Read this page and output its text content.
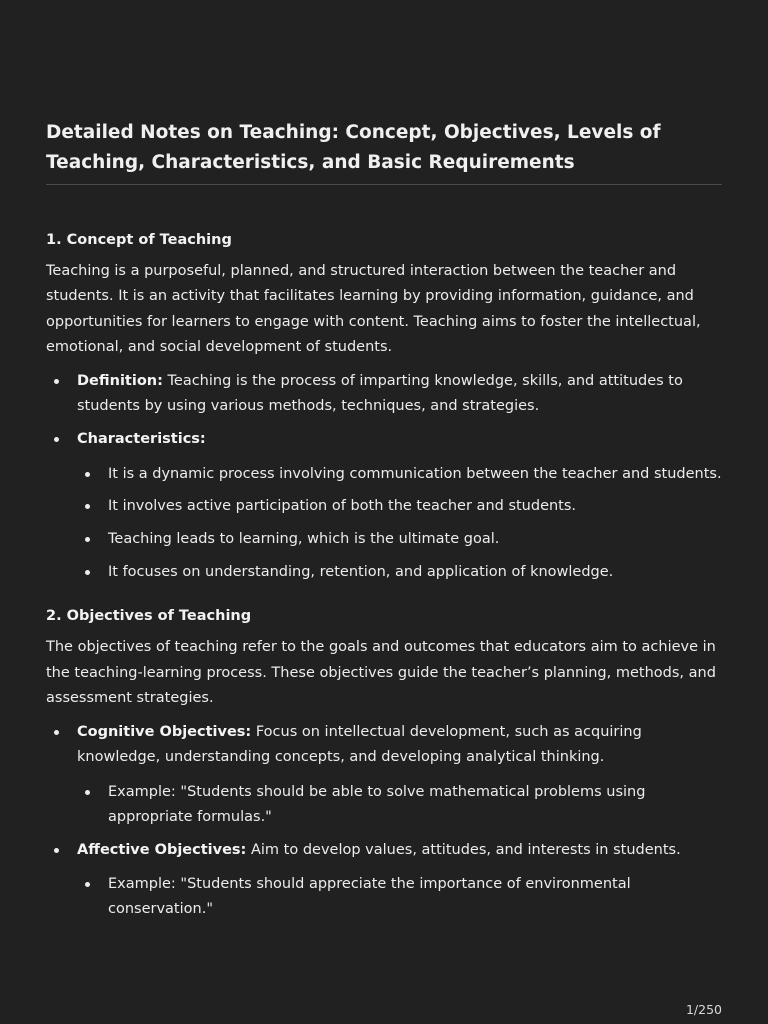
Detailed Notes on Teaching: Concept, Objectives, Levels of Teaching, Characteristics, and Basic Requirements
1. Concept of Teaching

Teaching is a purposeful, planned, and structured interaction between the teacher and students. It is an activity that facilitates learning by providing information, guidance, and opportunities for learners to engage with content. Teaching aims to foster the intellectual, emotional, and social development of students.

Definition: Teaching is the process of imparting knowledge, skills, and attitudes to students by using various methods, techniques, and strategies.
Characteristics:
It is a dynamic process involving communication between the teacher and students.
It involves active participation of both the teacher and students.
Teaching leads to learning, which is the ultimate goal.
It focuses on understanding, retention, and application of knowledge.
2. Objectives of Teaching

The objectives of teaching refer to the goals and outcomes that educators aim to achieve in the teaching-learning process. These objectives guide the teacher’s planning, methods, and assessment strategies.

Cognitive Objectives: Focus on intellectual development, such as acquiring knowledge, understanding concepts, and developing analytical thinking.
Example: "Students should be able to solve mathematical problems using appropriate formulas."
Affective Objectives: Aim to develop values, attitudes, and interests in students.
Example: "Students should appreciate the importance of environmental conservation."
1/250
